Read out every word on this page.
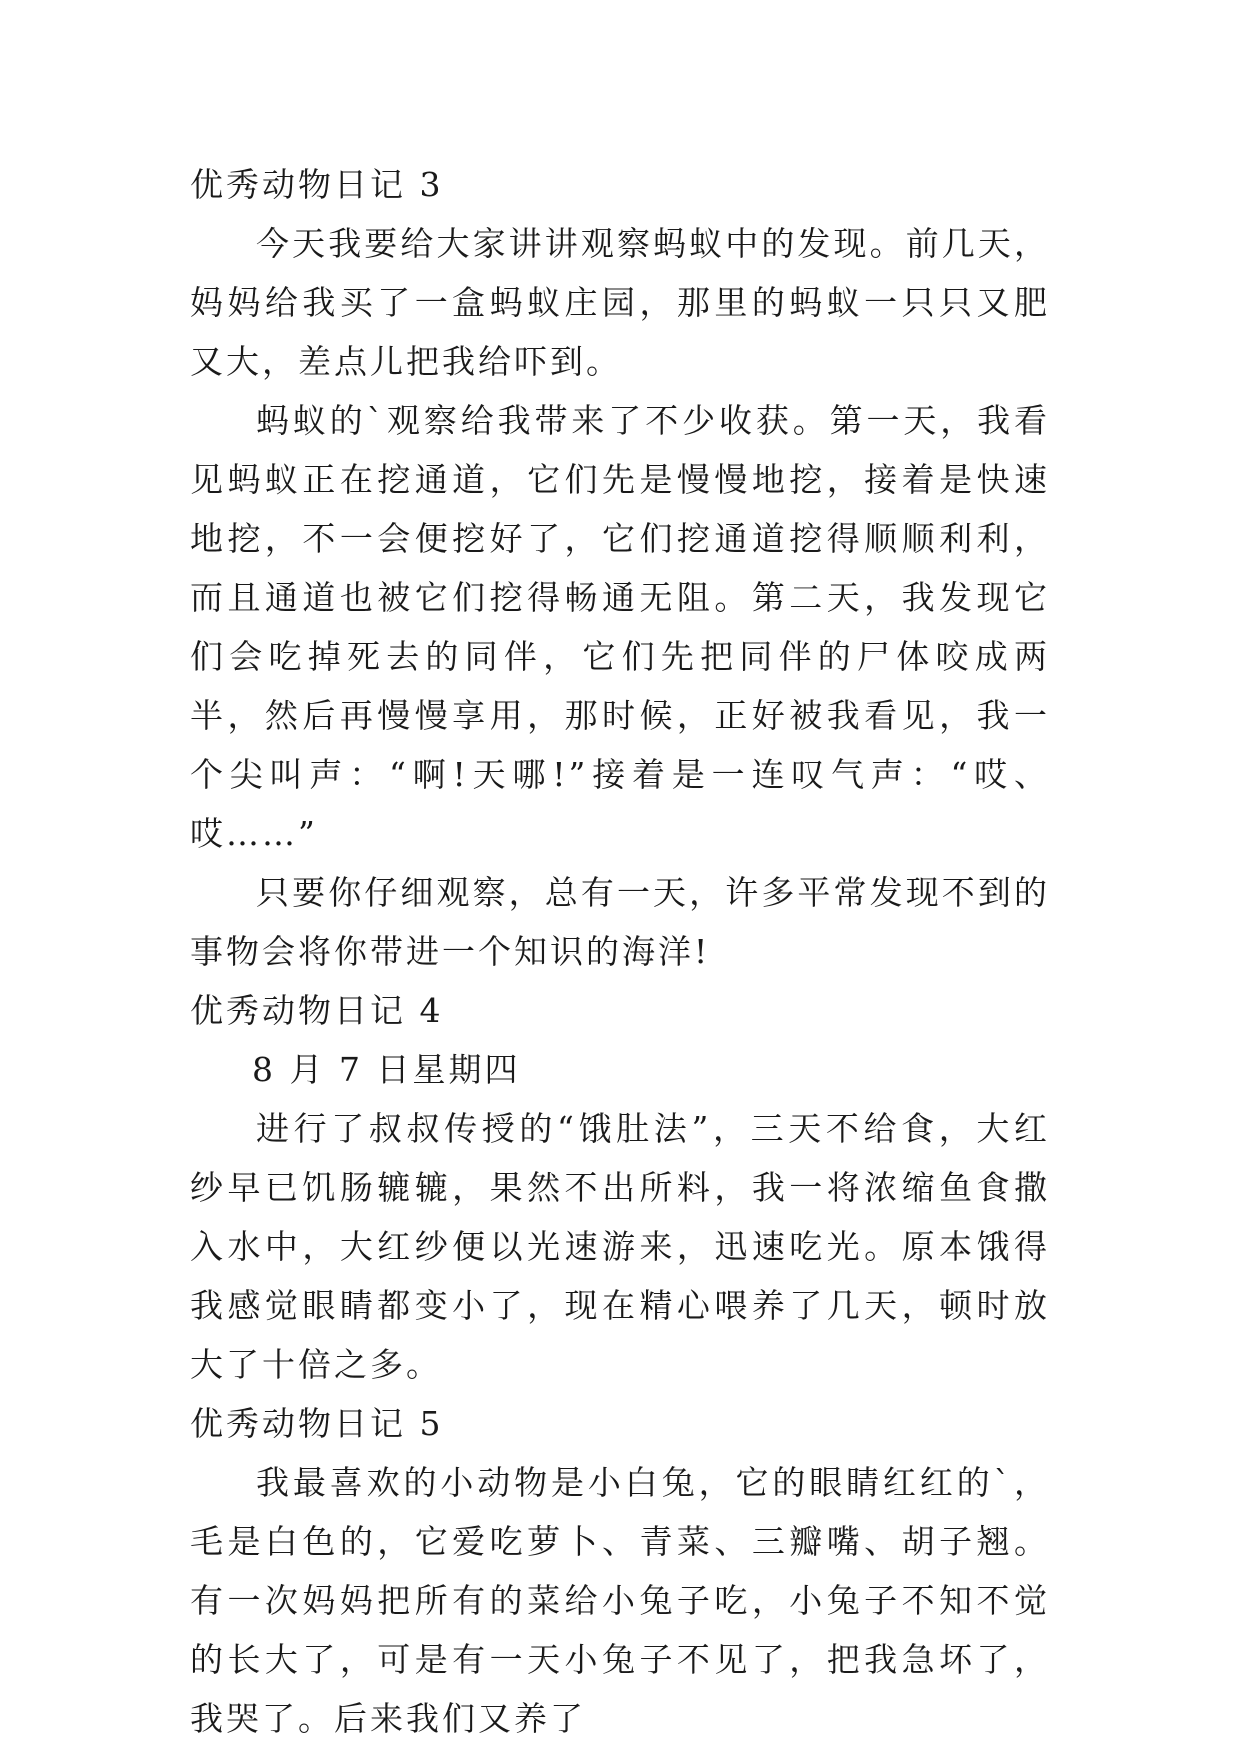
优秀动物日记 3

今天我要给大家讲讲观察蚂蚁中的发现。前几天，妈妈给我买了一盒蚂蚁庄园，那里的蚂蚁一只只又肥又大，差点儿把我给吓到。

蚂蚁的`观察给我带来了不少收获。第一天，我看见蚂蚁正在挖通道，它们先是慢慢地挖，接着是快速地挖，不一会便挖好了，它们挖通道挖得顺顺利利，而且通道也被它们挖得畅通无阻。第二天，我发现它们会吃掉死去的同伴，它们先把同伴的尸体咬成两半，然后再慢慢享用，那时候，正好被我看见，我一个尖叫声：“啊!天哪!”接着是一连叹气声：“哎、哎……”

只要你仔细观察，总有一天，许多平常发现不到的事物会将你带进一个知识的海洋!

优秀动物日记 4

8 月 7 日星期四

进行了叔叔传授的“饿肚法”，三天不给食，大红纱早已饥肠辘辘，果然不出所料，我一将浓缩鱼食撒入水中，大红纱便以光速游来，迅速吃光。原本饿得我感觉眼睛都变小了，现在精心喂养了几天，顿时放大了十倍之多。

优秀动物日记 5

我最喜欢的小动物是小白兔，它的眼睛红红的`，毛是白色的，它爱吃萝卜、青菜、三瓣嘴、胡子翘。有一次妈妈把所有的菜给小兔子吃，小兔子不知不觉的长大了，可是有一天小兔子不见了，把我急坏了，我哭了。后来我们又养了
